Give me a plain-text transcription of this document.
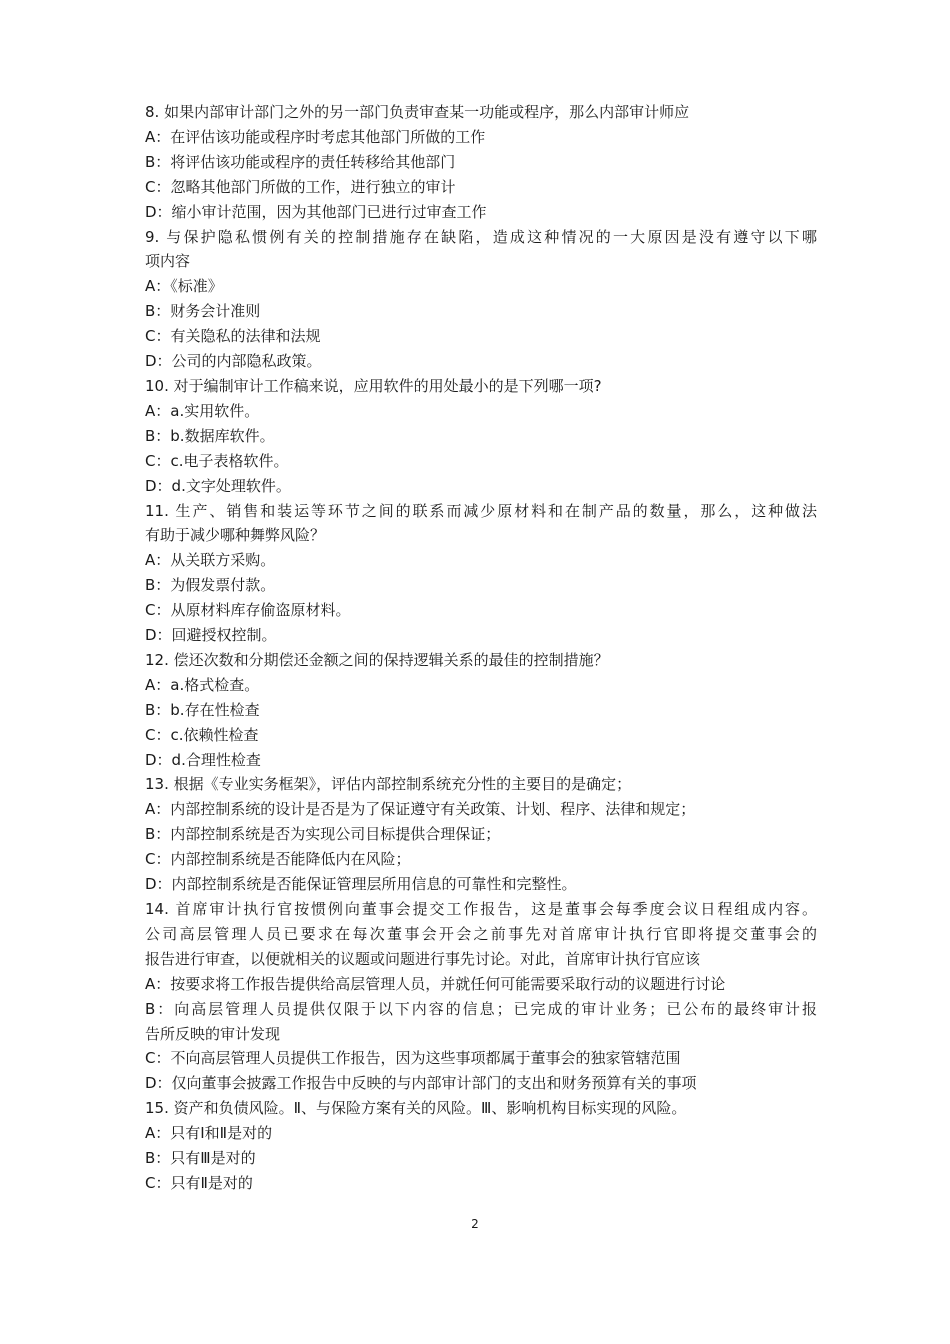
8. 如果内部审计部门之外的另一部门负责审查某一功能或程序，那么内部审计师应
A：在评估该功能或程序时考虑其他部门所做的工作
B：将评估该功能或程序的责任转移给其他部门
C：忽略其他部门所做的工作，进行独立的审计
D：缩小审计范围，因为其他部门已进行过审查工作
9. 与保护隐私惯例有关的控制措施存在缺陷，造成这种情况的一大原因是没有遵守以下哪
项内容
A：《标准》
B：财务会计准则
C：有关隐私的法律和法规
D：公司的内部隐私政策。
10. 对于编制审计工作稿来说，应用软件的用处最小的是下列哪一项?
A：a.实用软件。
B：b.数据库软件。
C：c.电子表格软件。
D：d.文字处理软件。
11. 生产、销售和装运等环节之间的联系而减少原材料和在制产品的数量，那么，这种做法
有助于减少哪种舞弊风险？
A：从关联方采购。
B：为假发票付款。
C：从原材料库存偷盗原材料。
D：回避授权控制。
12. 偿还次数和分期偿还金额之间的保持逻辑关系的最佳的控制措施？
A：a.格式检查。
B：b.存在性检查
C：c.依赖性检查
D：d.合理性检查
13. 根据《专业实务框架》，评估内部控制系统充分性的主要目的是确定；
A：内部控制系统的设计是否是为了保证遵守有关政策、计划、程序、法律和规定；
B：内部控制系统是否为实现公司目标提供合理保证；
C：内部控制系统是否能降低内在风险；
D：内部控制系统是否能保证管理层所用信息的可靠性和完整性。
14. 首席审计执行官按惯例向董事会提交工作报告，这是董事会每季度会议日程组成内容。
公司高层管理人员已要求在每次董事会开会之前事先对首席审计执行官即将提交董事会的
报告进行审查，以便就相关的议题或问题进行事先讨论。对此，首席审计执行官应该
A：按要求将工作报告提供给高层管理人员，并就任何可能需要采取行动的议题进行讨论
B：向高层管理人员提供仅限于以下内容的信息；已完成的审计业务；已公布的最终审计报
告所反映的审计发现
C：不向高层管理人员提供工作报告，因为这些事项都属于董事会的独家管辖范围
D：仅向董事会披露工作报告中反映的与内部审计部门的支出和财务预算有关的事项
15. 资产和负债风险。Ⅱ、与保险方案有关的风险。Ⅲ、影响机构目标实现的风险。
A：只有Ⅰ和Ⅱ是对的
B：只有Ⅲ是对的
C：只有Ⅱ是对的
2
